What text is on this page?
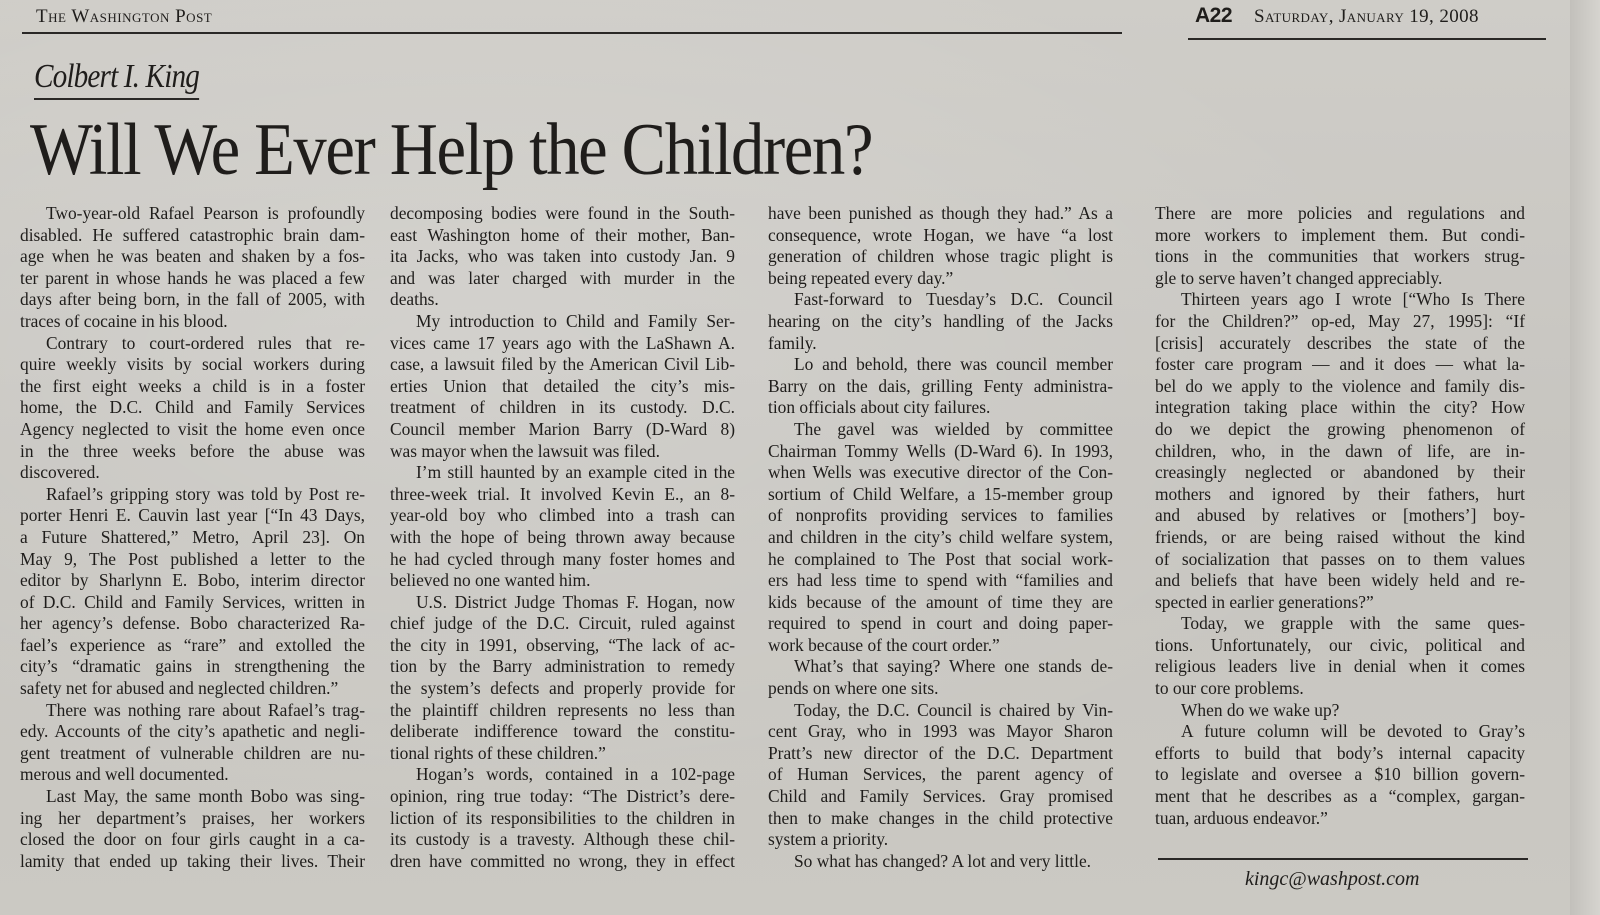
The Washington Post	A22 Saturday, January 19, 2008
Colbert I. King
Will We Ever Help the Children?

Two-year-old Rafael Pearson is profoundly
disabled. He suffered catastrophic brain dam-
age when he was beaten and shaken by a fos-
ter parent in whose hands he was placed a few
days after being born, in the fall of 2005, with
traces of cocaine in his blood.

Contrary to court-ordered rules that re-
quire weekly visits by social workers during
the first eight weeks a child is in a foster
home, the D.C. Child and Family Services
Agency neglected to visit the home even once
in the three weeks before the abuse was
discovered.

Rafael’s gripping story was told by Post re-
porter Henri E. Cauvin last year [“In 43 Days,
a Future Shattered,” Metro, April 23]. On
May 9, The Post published a letter to the
editor by Sharlynn E. Bobo, interim director
of D.C. Child and Family Services, written in
her agency’s defense. Bobo characterized Ra-
fael’s experience as “rare” and extolled the
city’s “dramatic gains in strengthening the
safety net for abused and neglected children.”

There was nothing rare about Rafael’s trag-
edy. Accounts of the city’s apathetic and negli-
gent treatment of vulnerable children are nu-
merous and well documented.

Last May, the same month Bobo was sing-
ing her department’s praises, her workers
closed the door on four girls caught in a ca-
lamity that ended up taking their lives. Their

decomposing bodies were found in the South-
east Washington home of their mother, Ban-
ita Jacks, who was taken into custody Jan. 9
and was later charged with murder in the
deaths.

My introduction to Child and Family Ser-
vices came 17 years ago with the LaShawn A.
case, a lawsuit filed by the American Civil Lib-
erties Union that detailed the city’s mis-
treatment of children in its custody. D.C.
Council member Marion Barry (D-Ward 8)
was mayor when the lawsuit was filed.

I’m still haunted by an example cited in the
three-week trial. It involved Kevin E., an 8-
year-old boy who climbed into a trash can
with the hope of being thrown away because
he had cycled through many foster homes and
believed no one wanted him.

U.S. District Judge Thomas F. Hogan, now
chief judge of the D.C. Circuit, ruled against
the city in 1991, observing, “The lack of ac-
tion by the Barry administration to remedy
the system’s defects and properly provide for
the plaintiff children represents no less than
deliberate indifference toward the constitu-
tional rights of these children.”

Hogan’s words, contained in a 102-page
opinion, ring true today: “The District’s dere-
liction of its responsibilities to the children in
its custody is a travesty. Although these chil-
dren have committed no wrong, they in effect

have been punished as though they had.” As a
consequence, wrote Hogan, we have “a lost
generation of children whose tragic plight is
being repeated every day.”

Fast-forward to Tuesday’s D.C. Council
hearing on the city’s handling of the Jacks
family.

Lo and behold, there was council member
Barry on the dais, grilling Fenty administra-
tion officials about city failures.

The gavel was wielded by committee
Chairman Tommy Wells (D-Ward 6). In 1993,
when Wells was executive director of the Con-
sortium of Child Welfare, a 15-member group
of nonprofits providing services to families
and children in the city’s child welfare system,
he complained to The Post that social work-
ers had less time to spend with “families and
kids because of the amount of time they are
required to spend in court and doing paper-
work because of the court order.”

What’s that saying? Where one stands de-
pends on where one sits.

Today, the D.C. Council is chaired by Vin-
cent Gray, who in 1993 was Mayor Sharon
Pratt’s new director of the D.C. Department
of Human Services, the parent agency of
Child and Family Services. Gray promised
then to make changes in the child protective
system a priority.

So what has changed? A lot and very little.

There are more policies and regulations and
more workers to implement them. But condi-
tions in the communities that workers strug-
gle to serve haven’t changed appreciably.

Thirteen years ago I wrote [“Who Is There
for the Children?” op-ed, May 27, 1995]: “If
[crisis] accurately describes the state of the
foster care program — and it does — what la-
bel do we apply to the violence and family dis-
integration taking place within the city? How
do we depict the growing phenomenon of
children, who, in the dawn of life, are in-
creasingly neglected or abandoned by their
mothers and ignored by their fathers, hurt
and abused by relatives or [mothers’] boy-
friends, or are being raised without the kind
of socialization that passes on to them values
and beliefs that have been widely held and re-
spected in earlier generations?”

Today, we grapple with the same ques-
tions. Unfortunately, our civic, political and
religious leaders live in denial when it comes
to our core problems.

When do we wake up?

A future column will be devoted to Gray’s
efforts to build that body’s internal capacity
to legislate and oversee a $10 billion govern-
ment that he describes as a “complex, gargan-
tuan, arduous endeavor.”

kingc@washpost.com
